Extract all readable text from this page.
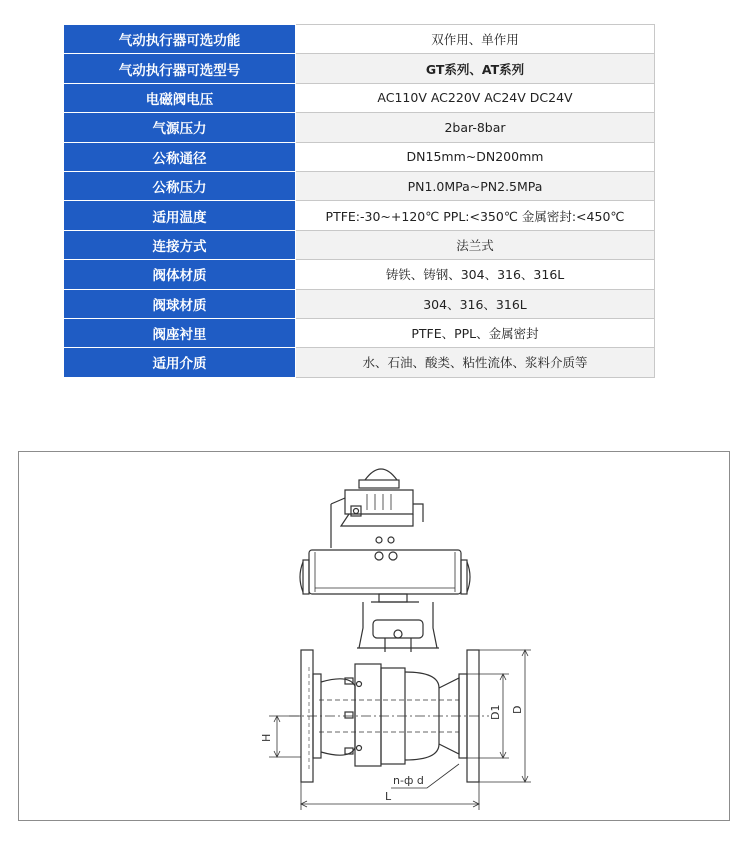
气动执行器可选功能	双作用、单作用
气动执行器可选型号	GT系列、AT系列
电磁阀电压	AC110V AC220V AC24V DC24V
气源压力	2bar-8bar
公称通径	DN15mm~DN200mm
公称压力	PN1.0MPa~PN2.5MPa
适用温度	PTFE:-30~+120℃ PPL:<350℃ 金属密封:<450℃
连接方式	法兰式
阀体材质	铸铁、铸钢、304、316、316L
阀球材质	304、316、316L
阀座衬里	PTFE、PPL、金属密封
适用介质	水、石油、酸类、粘性流体、浆料介质等
H
D1 D
L
n-ф d
